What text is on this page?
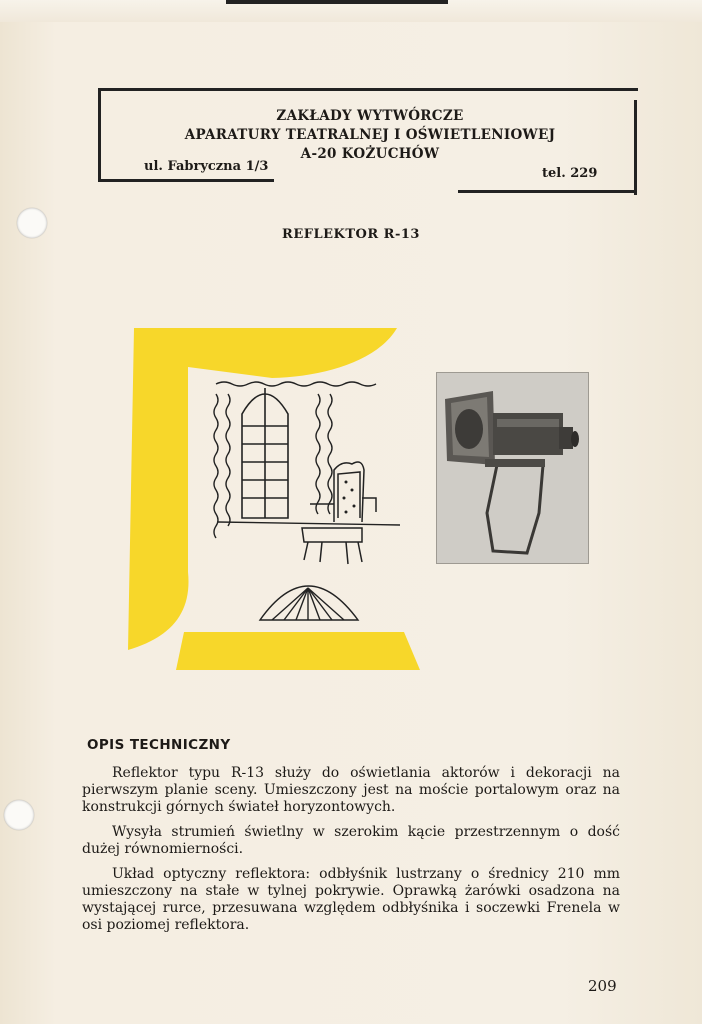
ZAKŁADY WYTWÓRCZE
APARATURY TEATRALNEJ I OŚWIETLENIOWEJ
A-20 KOŻUCHÓW
ul. Fabryczna 1/3	tel. 229
REFLEKTOR R-13
OPIS TECHNICZNY

Reflektor typu R-13 służy do oświetlania aktorów i dekoracji na pierwszym planie sceny. Umieszczony jest na moście portalowym oraz na konstrukcji górnych świateł horyzontowych.

Wysyła strumień świetlny w szerokim kącie przestrzennym o dość dużej równomierności.

Układ optyczny reflektora: odbłyśnik lustrzany o średnicy 210 mm umieszczony na stałe w tylnej pokrywie. Oprawką żarówki osadzona na wystającej rurce, przesuwana względem odbłyśnika i soczewki Frenela w osi poziomej reflektora.

209
